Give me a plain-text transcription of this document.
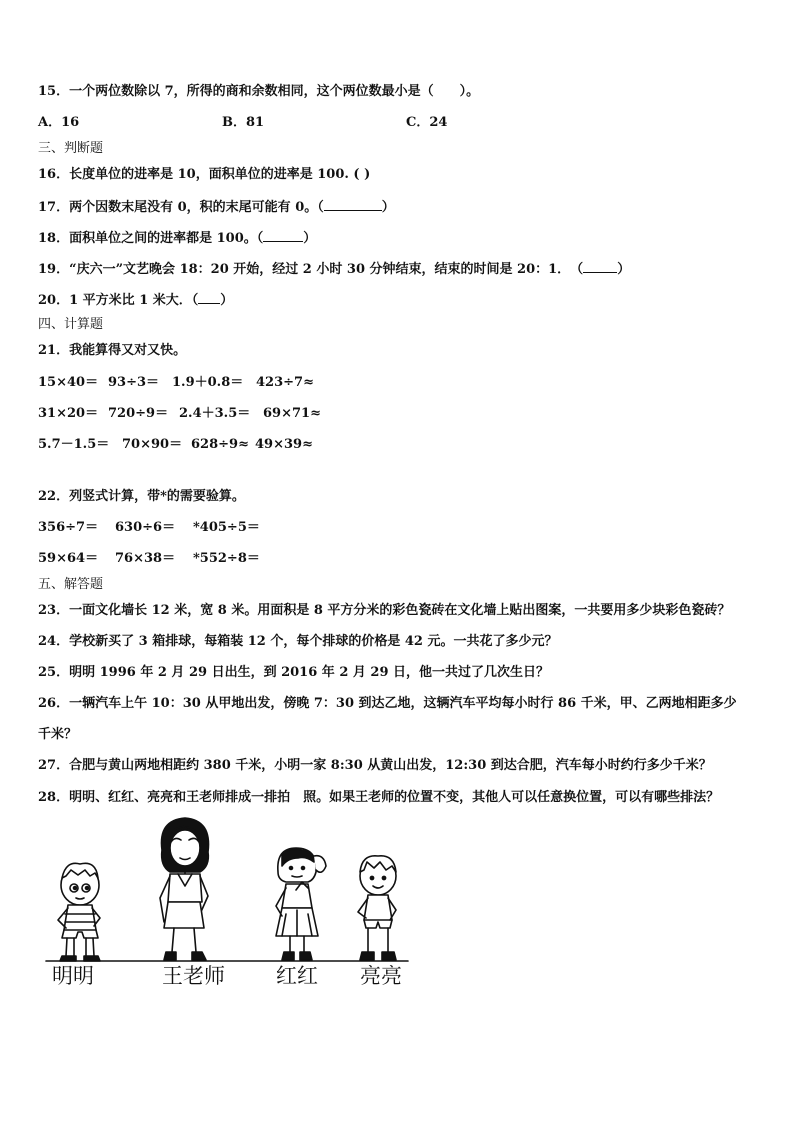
15．一个两位数除以 7，所得的商和余数相同，这个两位数最小是（　　）。
A．16	B．81	C．24
三、判断题
16．长度单位的进率是 10，面积单位的进率是 100. ( )
17．两个因数末尾没有 0，积的末尾可能有 0。（	）
18．面积单位之间的进率都是 100。（	）
19．“庆六一”文艺晚会 18：20 开始，经过 2 小时 30 分钟结束，结束的时间是 20：1．　（	）
20．1 平方米比 1 米大．（ ）
四、计算题
21．我能算得又对又快。
15×40＝ 93÷3＝ 1.9＋0.8＝ 423÷7≈
31×20＝ 720÷9＝ 2.4＋3.5＝ 69×71≈
5.7－1.5＝ 70×90＝ 628÷9≈ 49×39≈
22．列竖式计算，带*的需要验算。
356÷7＝ 630÷6＝ *405÷5＝
59×64＝ 76×38＝ *552÷8＝
五、解答题
23．一面文化墙长 12 米，宽 8 米。用面积是 8 平方分米的彩色瓷砖在文化墙上贴出图案，一共要用多少块彩色瓷砖？
24．学校新买了 3 箱排球，每箱装 12 个，每个排球的价格是 42 元。一共花了多少元？
25．明明 1996 年 2 月 29 日出生，到 2016 年 2 月 29 日，他一共过了几次生日？
26．一辆汽车上午 10：30 从甲地出发，傍晚 7：30 到达乙地，这辆汽车平均每小时行 86 千米，甲、乙两地相距多少
千米？
27．合肥与黄山两地相距约 380 千米，小明一家 8:30 从黄山出发，12:30 到达合肥，汽车每小时约行多少千米？
28．明明、红红、亮亮和王老师排成一排拍　照。如果王老师的位置不变，其他人可以任意换位置，可以有哪些排法？
明明	王老师 红红 亮亮
